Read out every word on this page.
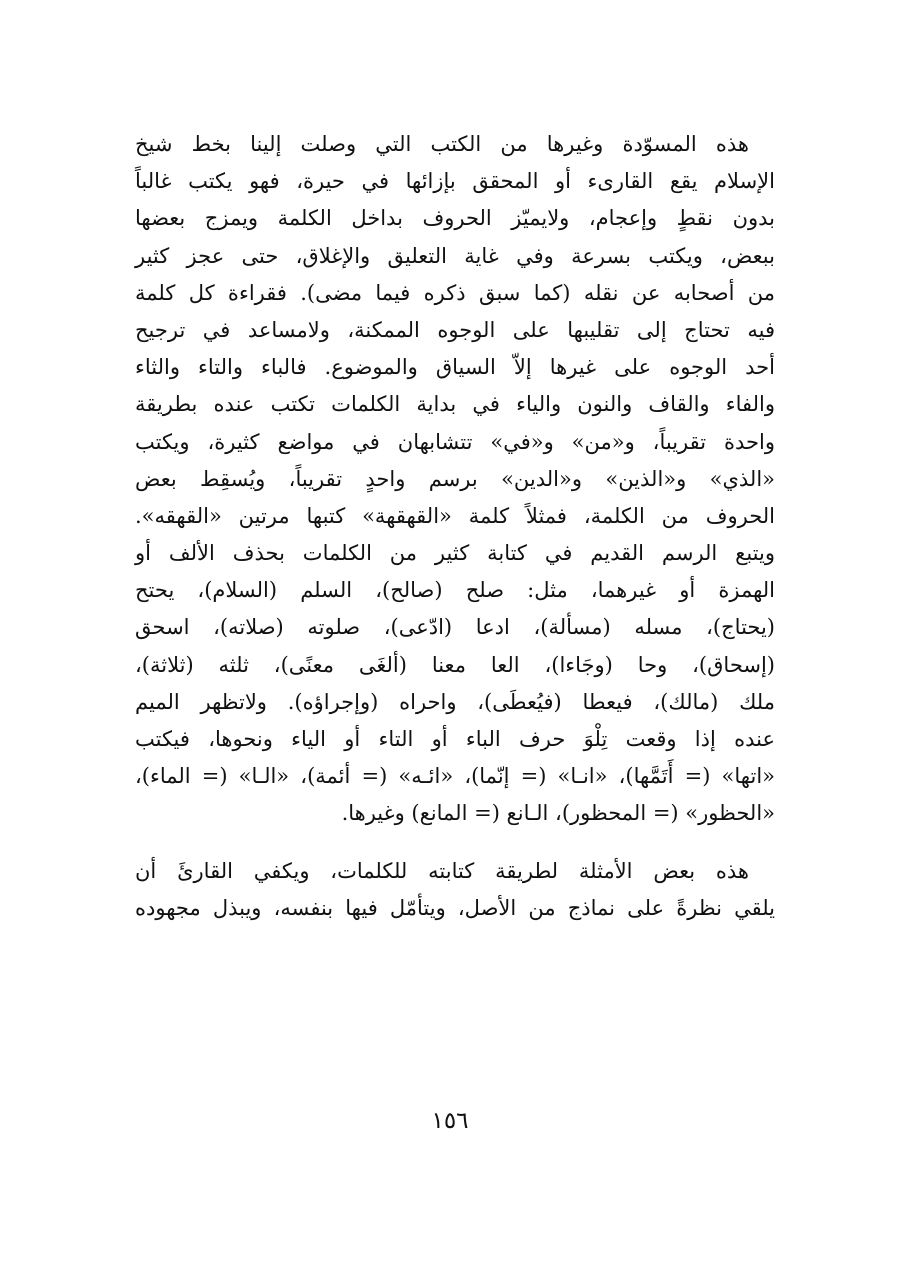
هذه المسوّدة وغيرها من الكتب التي وصلت إلينا بخط شيخ
الإسلام يقع القارىء أو المحقق بإزائها في حيرة، فهو يكتب غالباً
بدون نقطٍ وإعجام، ولايميّز الحروف بداخل الكلمة ويمزج بعضها
ببعض، ويكتب بسرعة وفي غاية التعليق والإغلاق، حتى عجز كثير
من أصحابه عن نقله (كما سبق ذكره فيما مضى). فقراءة كل كلمة
فيه تحتاج إلى تقليبها على الوجوه الممكنة، ولامساعد في ترجيح
أحد الوجوه على غيرها إلاّ السياق والموضوع. فالباء والتاء والثاء
والفاء والقاف والنون والياء في بداية الكلمات تكتب عنده بطريقة
واحدة تقريباً، و«من» و«في» تتشابهان في مواضع كثيرة، ويكتب
«الذي» و«الذين» و«الدين» برسم واحدٍ تقريباً، ويُسقِط بعض
الحروف من الكلمة، فمثلاً كلمة «القهقهة» كتبها مرتين «القهقه».
ويتبع الرسم القديم في كتابة كثير من الكلمات بحذف الألف أو
الهمزة أو غيرهما، مثل: صلح (صالح)، السلم (السلام)، يحتح
(يحتاج)، مسله (مسألة)، ادعا (ادّعى)، صلوته (صلاته)، اسحق
(إسحاق)، وحا (وجَاءا)، العا معنا (ألغَى معنًى)، ثلثه (ثلاثة)،
ملك (مالك)، فيعطا (فيُعطَى)، واحراه (وإجراؤه). ولاتظهر الميم
عنده إذا وقعت تِلْوَ حرف الباء أو التاء أو الياء ونحوها، فيكتب
«اتها» (= أَتَمَّها)، «انـا» (= إنّما)، «ائـه» (= أئمة)، «الـا» (= الماء)،
«الحظور» (= المحظور)، الـانع (= المانع) وغيرها.
هذه بعض الأمثلة لطريقة كتابته للكلمات، ويكفي القارئَ أن
يلقي نظرةً على نماذج من الأصل، ويتأمّل فيها بنفسه، ويبذل مجهوده
١٥٦
